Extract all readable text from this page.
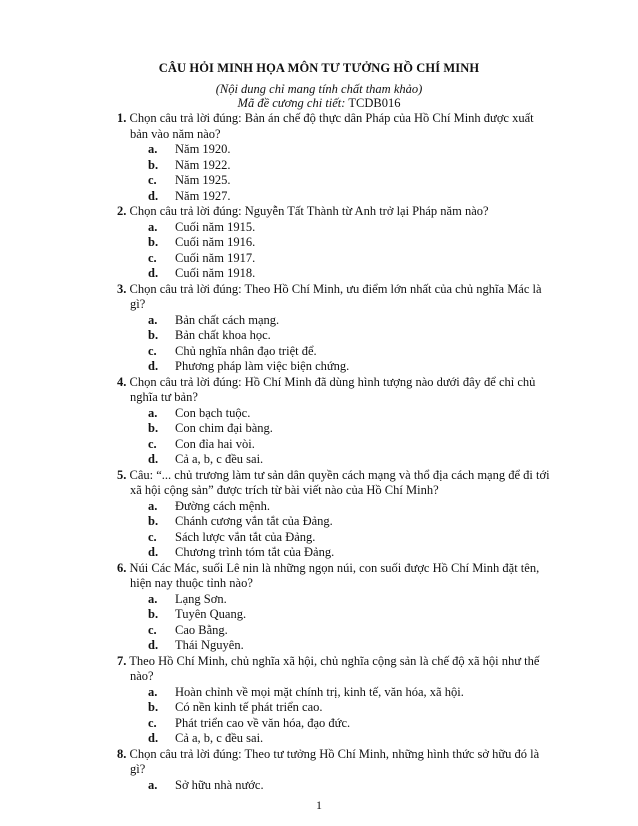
CÂU HỎI MINH HỌA MÔN TƯ TƯỞNG HỒ CHÍ MINH
(Nội dung chỉ mang tính chất tham khảo)
Mã đề cương chi tiết: TCDB016
1. Chọn câu trả lời đúng: Bản án chế độ thực dân Pháp của Hồ Chí Minh được xuất
bản vào năm nào?
a. Năm 1920.
b. Năm 1922.
c. Năm 1925.
d. Năm 1927.
2. Chọn câu trả lời đúng: Nguyễn Tất Thành từ Anh trở lại Pháp năm nào?
a. Cuối năm 1915.
b. Cuối năm 1916.
c. Cuối năm 1917.
d. Cuối năm 1918.
3. Chọn câu trả lời đúng: Theo Hồ Chí Minh, ưu điểm lớn nhất của chủ nghĩa Mác là
gì?
a. Bản chất cách mạng.
b. Bản chất khoa học.
c. Chủ nghĩa nhân đạo triệt để.
d. Phương pháp làm việc biện chứng.
4. Chọn câu trả lời đúng: Hồ Chí Minh đã dùng hình tượng nào dưới đây để chỉ chủ
nghĩa tư bản?
a. Con bạch tuộc.
b. Con chim đại bàng.
c. Con đỉa hai vòi.
d. Cả a, b, c đều sai.
5. Câu: “... chủ trương làm tư sản dân quyền cách mạng và thổ địa cách mạng để đi tới
xã hội cộng sản” được trích từ bài viết nào của Hồ Chí Minh?
a. Đường cách mệnh.
b. Chánh cương vắn tắt của Đảng.
c. Sách lược vắn tắt của Đảng.
d. Chương trình tóm tắt của Đảng.
6. Núi Các Mác, suối Lê nin là những ngọn núi, con suối được Hồ Chí Minh đặt tên,
hiện nay thuộc tỉnh nào?
a. Lạng Sơn.
b. Tuyên Quang.
c. Cao Bằng.
d. Thái Nguyên.
7. Theo Hồ Chí Minh, chủ nghĩa xã hội, chủ nghĩa cộng sản là chế độ xã hội như thế
nào?
a. Hoàn chỉnh về mọi mặt chính trị, kinh tế, văn hóa, xã hội.
b. Có nền kinh tế phát triển cao.
c. Phát triển cao về văn hóa, đạo đức.
d. Cả a, b, c đều sai.
8. Chọn câu trả lời đúng: Theo tư tưởng Hồ Chí Minh, những hình thức sở hữu đó là
gì?
a. Sở hữu nhà nước.
1
